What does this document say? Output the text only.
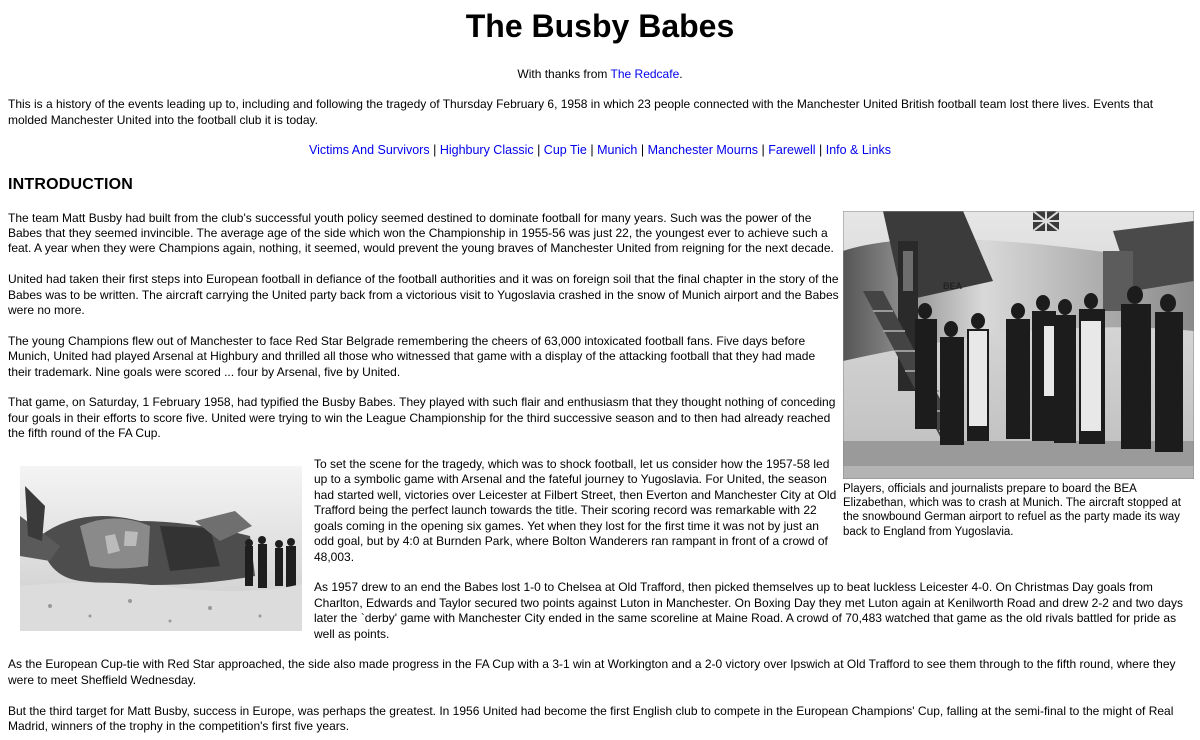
The Busby Babes
With thanks from The Redcafe.
This is a history of the events leading up to, including and following the tragedy of Thursday February 6, 1958 in which 23 people connected with the Manchester United British football team lost there lives. Events that molded Manchester United into the football club it is today.
Victims And Survivors | Highbury Classic | Cup Tie | Munich | Manchester Mourns | Farewell | Info & Links
INTRODUCTION
BEA
Players, officials and journalists prepare to board the BEA Elizabethan, which was to crash at Munich. The aircraft stopped at the snowbound German airport to refuel as the party made its way back to England from Yugoslavia.

The team Matt Busby had built from the club's successful youth policy seemed destined to dominate football for many years. Such was the power of the Babes that they seemed invincible. The average age of the side which won the Championship in 1955-56 was just 22, the youngest ever to achieve such a feat. A year when they were Champions again, nothing, it seemed, would prevent the young braves of Manchester United from reigning for the next decade.

United had taken their first steps into European football in defiance of the football authorities and it was on foreign soil that the final chapter in the story of the Babes was to be written. The aircraft carrying the United party back from a victorious visit to Yugoslavia crashed in the snow of Munich airport and the Babes were no more.

The young Champions flew out of Manchester to face Red Star Belgrade remembering the cheers of 63,000 intoxicated football fans. Five days before Munich, United had played Arsenal at Highbury and thrilled all those who witnessed that game with a display of the attacking football that they had made their trademark. Nine goals were scored ... four by Arsenal, five by United.

That game, on Saturday, 1 February 1958, had typified the Busby Babes. They played with such flair and enthusiasm that they thought nothing of conceding four goals in their efforts to score five. United were trying to win the League Championship for the third successive season and to then had already reached the fifth round of the FA Cup.

To set the scene for the tragedy, which was to shock football, let us consider how the 1957-58 led up to a symbolic game with Arsenal and the fateful journey to Yugoslavia. For United, the season had started well, victories over Leicester at Filbert Street, then Everton and Manchester City at Old Trafford being the perfect launch towards the title. Their scoring record was remarkable with 22 goals coming in the opening six games. Yet when they lost for the first time it was not by just an odd goal, but by 4:0 at Burnden Park, where Bolton Wanderers ran rampant in front of a crowd of 48,003.

As 1957 drew to an end the Babes lost 1-0 to Chelsea at Old Trafford, then picked themselves up to beat luckless Leicester 4-0. On Christmas Day goals from Charlton, Edwards and Taylor secured two points against Luton in Manchester. On Boxing Day they met Luton again at Kenilworth Road and drew 2-2 and two days later the `derby' game with Manchester City ended in the same scoreline at Maine Road. A crowd of 70,483 watched that game as the old rivals battled for pride as well as points.

As the European Cup-tie with Red Star approached, the side also made progress in the FA Cup with a 3-1 win at Workington and a 2-0 victory over Ipswich at Old Trafford to see them through to the fifth round, where they were to meet Sheffield Wednesday.

But the third target for Matt Busby, success in Europe, was perhaps the greatest. In 1956 United had become the first English club to compete in the European Champions' Cup, falling at the semi-final to the might of Real Madrid, winners of the trophy in the competition's first five years.
